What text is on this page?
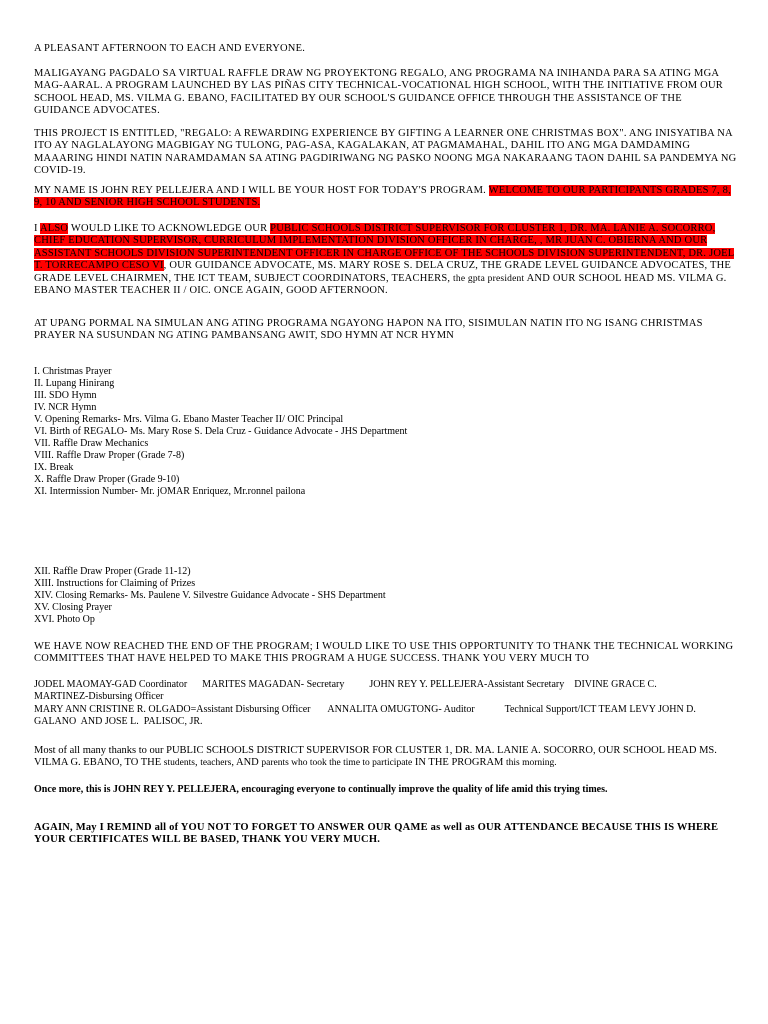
A PLEASANT AFTERNOON TO EACH AND EVERYONE.

MALIGAYANG PAGDALO SA VIRTUAL RAFFLE DRAW NG PROYEKTONG REGALO, ANG PROGRAMA NA INIHANDA PARA SA ATING MGA MAG-AARAL. A PROGRAM LAUNCHED BY LAS PIÑAS CITY TECHNICAL-VOCATIONAL HIGH SCHOOL, WITH THE INITIATIVE FROM OUR SCHOOL HEAD, MS. VILMA G. EBANO, FACILITATED BY OUR SCHOOL'S GUIDANCE OFFICE THROUGH THE ASSISTANCE OF THE GUIDANCE ADVOCATES.

THIS PROJECT IS ENTITLED, "REGALO: A REWARDING EXPERIENCE BY GIFTING A LEARNER ONE CHRISTMAS BOX". ANG INISYATIBA NA ITO AY NAGLALAYONG MAGBIGAY NG TULONG, PAG-ASA, KAGALAKAN, AT PAGMAMAHAL, DAHIL ITO ANG MGA DAMDAMING MAAARING HINDI NATIN NARAMDAMAN SA ATING PAGDIRIWANG NG PASKO NOONG MGA NAKARAANG TAON DAHIL SA PANDEMYA NG COVID-19.

MY NAME IS JOHN REY PELLEJERA AND I WILL BE YOUR HOST FOR TODAY'S PROGRAM. WELCOME TO OUR PARTICIPANTS GRADES 7, 8, 9, 10 AND SENIOR HIGH SCHOOL STUDENTS.

I ALSO WOULD LIKE TO ACKNOWLEDGE OUR PUBLIC SCHOOLS DISTRICT SUPERVISOR FOR CLUSTER 1, DR. MA. LANIE A. SOCORRO, CHIEF EDUCATION SUPERVISOR, CURRICULUM IMPLEMENTATION DIVISION OFFICER IN CHARGE, , MR JUAN C. OBIERNA AND OUR ASSISTANT SCHOOLS DIVISION SUPERINTENDENT OFFICER IN CHARGE OFFICE OF THE SCHOOLS DIVISION SUPERINTENDENT, DR. JOEL T. TORRECAMPO CESO VI, OUR GUIDANCE ADVOCATE, MS. MARY ROSE S. DELA CRUZ, THE GRADE LEVEL GUIDANCE ADVOCATES, THE GRADE LEVEL CHAIRMEN, THE ICT TEAM, SUBJECT COORDINATORS, TEACHERS, the gpta president AND OUR SCHOOL HEAD MS. VILMA G. EBANO MASTER TEACHER II / OIC. ONCE AGAIN, GOOD AFTERNOON.

AT UPANG PORMAL NA SIMULAN ANG ATING PROGRAMA NGAYONG HAPON NA ITO, SISIMULAN NATIN ITO NG ISANG CHRISTMAS PRAYER NA SUSUNDAN NG ATING PAMBANSANG AWIT, SDO HYMN AT NCR HYMN

I. Christmas Prayer
II. Lupang Hinirang
III. SDO Hymn
IV. NCR Hymn
V. Opening Remarks- Mrs. Vilma G. Ebano Master Teacher II/ OIC Principal
VI. Birth of REGALO- Ms. Mary Rose S. Dela Cruz - Guidance Advocate - JHS Department
VII. Raffle Draw Mechanics
VIII. Raffle Draw Proper (Grade 7-8)
IX. Break
X. Raffle Draw Proper (Grade 9-10)
XI. Intermission Number- Mr. jOMAR Enriquez, Mr.ronnel pailona
XII. Raffle Draw Proper (Grade 11-12)
XIII. Instructions for Claiming of Prizes
XIV. Closing Remarks- Ms. Paulene V. Silvestre Guidance Advocate - SHS Department
XV. Closing Prayer
XVI. Photo Op

WE HAVE NOW REACHED THE END OF THE PROGRAM; I WOULD LIKE TO USE THIS OPPORTUNITY TO THANK THE TECHNICAL WORKING COMMITTEES THAT HAVE HELPED TO MAKE THIS PROGRAM A HUGE SUCCESS. THANK YOU VERY MUCH TO

JODEL MAOMAY-GAD Coordinator      MARITES MAGADAN- Secretary          JOHN REY Y. PELLEJERA-Assistant Secretary    DIVINE GRACE C.
MARTINEZ-Disbursing Officer
MARY ANN CRISTINE R. OLGADO=Assistant Disbursing Officer       ANNALITA OMUGTONG- Auditor            Technical Support/ICT TEAM LEVY JOHN D.
GALANO  AND JOSE L.  PALISOC, JR.

Most of all many thanks to our PUBLIC SCHOOLS DISTRICT SUPERVISOR FOR CLUSTER 1, DR. MA. LANIE A. SOCORRO, OUR SCHOOL HEAD MS. VILMA G. EBANO, TO THE students, teachers, AND parents who took the time to participate IN THE PROGRAM this morning.

Once more, this is JOHN REY Y. PELLEJERA, encouraging everyone to continually improve the quality of life amid this trying times.

AGAIN, May I REMIND all of YOU NOT TO FORGET TO ANSWER OUR QAME as well as OUR ATTENDANCE BECAUSE THIS IS WHERE YOUR CERTIFICATES WILL BE BASED, THANK YOU VERY MUCH.
